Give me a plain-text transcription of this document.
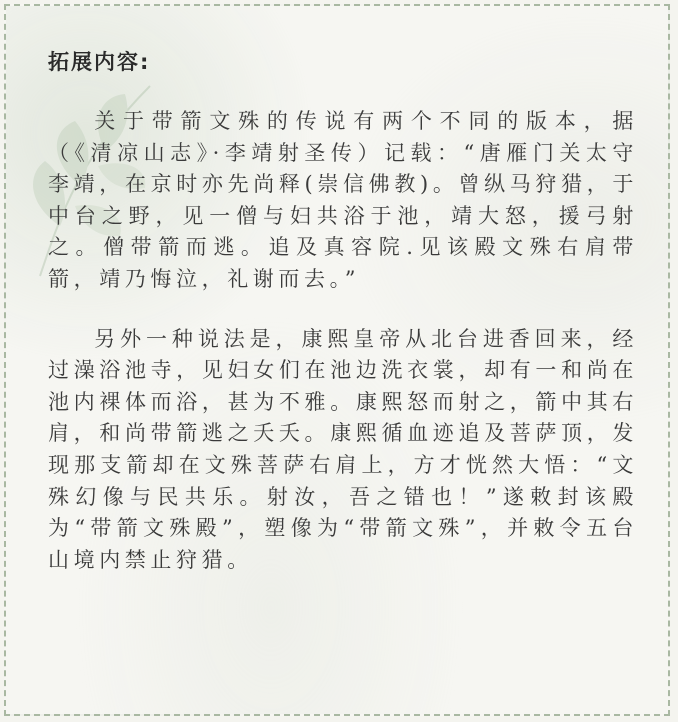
拓展内容:

关于带箭文殊的传说有两个不同的版本，据（《清凉山志》·李靖射圣传）记载：“唐雁门关太守李靖，在京时亦先尚释(崇信佛教)。曾纵马狩猎，于中台之野，见一僧与妇共浴于池，靖大怒，援弓射之。僧带箭而逃。追及真容院.见该殿文殊右肩带箭，靖乃悔泣，礼谢而去。”

另外一种说法是，康熙皇帝从北台进香回来，经过澡浴池寺，见妇女们在池边洗衣裳，却有一和尚在池内裸体而浴，甚为不雅。康熙怒而射之，箭中其右肩，和尚带箭逃之夭夭。康熙循血迹追及菩萨顶，发现那支箭却在文殊菩萨右肩上，方才恍然大悟：“文殊幻像与民共乐。射汝，吾之错也！”遂敕封该殿为“带箭文殊殿”，塑像为“带箭文殊”，并敕令五台山境内禁止狩猎。
